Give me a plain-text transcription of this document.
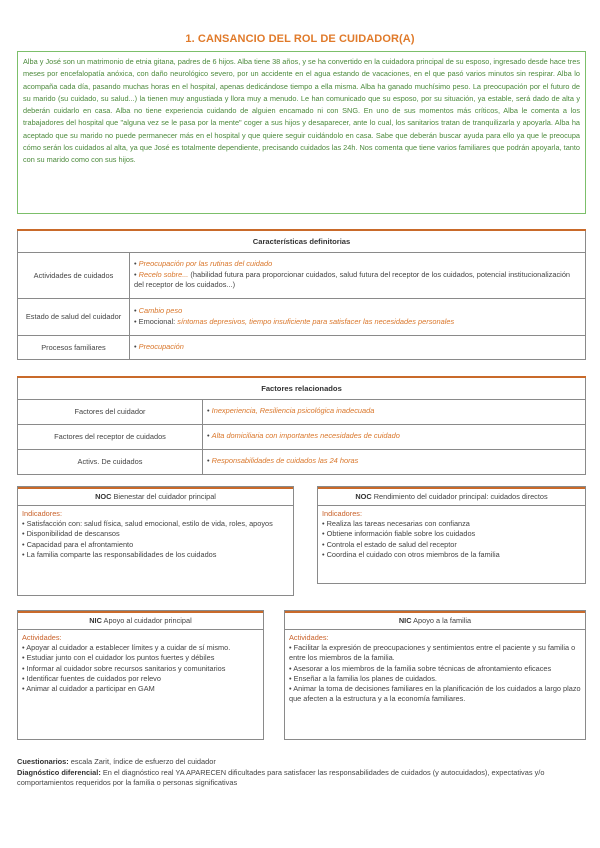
1. CANSANCIO DEL ROL DE CUIDADOR(A)
Alba y José son un matrimonio de etnia gitana, padres de 6 hijos. Alba tiene 38 años, y se ha convertido en la cuidadora principal de su esposo, ingresado desde hace tres meses por encefalopatía anóxica, con daño neurológico severo, por un accidente en el agua estando de vacaciones, en el que pasó varios minutos sin respirar. Alba lo acompaña cada día, pasando muchas horas en el hospital, apenas dedicándose tiempo a ella misma. Alba ha ganado muchísimo peso. La preocupación por el futuro de su marido (su cuidado, su salud...) la tienen muy angustiada y llora muy a menudo. Le han comunicado que su esposo, por su situación, ya estable, será dado de alta y deberán cuidarlo en casa. Alba no tiene experiencia cuidando de alguien encamado ni con SNG. En uno de sus momentos más críticos, Alba le comenta a los trabajadores del hospital que "alguna vez se le pasa por la mente" coger a sus hijos y desaparecer, ante lo cual, los sanitarios tratan de tranquilizarla y apoyarla. Alba ha aceptado que su marido no puede permanecer más en el hospital y que quiere seguir cuidándolo en casa. Sabe que deberán buscar ayuda para ello ya que le preocupa cómo serán los cuidados al alta, ya que José es totalmente dependiente, precisando cuidados las 24h. Nos comenta que tiene varios familiares que podrán apoyarla, tanto con su marido como con sus hijos.
Características definitorias	
Actividades de cuidados	• Preocupación por las rutinas del cuidado
• Recelo sobre... (habilidad futura para proporcionar cuidados, salud futura del receptor de los cuidados, potencial institucionalización del receptor de los cuidados...)

Estado de salud del cuidador	• Cambio peso
• Emocional: síntomas depresivos, tiempo insuficiente para satisfacer las necesidades personales

Procesos familiares	• Preocupación
Factores relacionados	
Factores del cuidador	• Inexperiencia, Resiliencia psicológica inadecuada
Factores del receptor de cuidados	• Alta domiciliaria con importantes necesidades de cuidado
Activs. De cuidados	• Responsabilidades de cuidados las 24 horas
NOC Bienestar del cuidador principal
Indicadores:
• Satisfacción con: salud física, salud emocional, estilo de vida, roles, apoyos
• Disponibilidad de descansos
• Capacidad para el afrontamiento
• La familia comparte las responsabilidades de los cuidados
NOC Rendimiento del cuidador principal: cuidados directos
Indicadores:
• Realiza las tareas necesarias con confianza
• Obtiene información fiable sobre los cuidados
• Controla el estado de salud del receptor
• Coordina el cuidado con otros miembros de la familia
NIC Apoyo al cuidador principal
Actividades:
• Apoyar al cuidador a establecer límites y a cuidar de sí mismo.
• Estudiar junto con el cuidador los puntos fuertes y débiles
• Informar al cuidador sobre recursos sanitarios y comunitarios
• Identificar fuentes de cuidados por relevo
• Animar al cuidador a participar en GAM
NIC Apoyo a la familia
Actividades:
• Facilitar la expresión de preocupaciones y sentimientos entre el paciente y su familia o entre los miembros de la familia.
• Asesorar a los miembros de la familia sobre técnicas de afrontamiento eficaces
• Enseñar a la familia los planes de cuidados.
• Animar la toma de decisiones familiares en la planificación de los cuidados a largo plazo que afecten a la estructura y a la economía familiares.
Cuestionarios: escala Zarit, índice de esfuerzo del cuidador
Diagnóstico diferencial: En el diagnóstico real YA APARECEN dificultades para satisfacer las responsabilidades de cuidados (y autocuidados), expectativas y/o comportamientos requeridos por la familia o personas significativas
